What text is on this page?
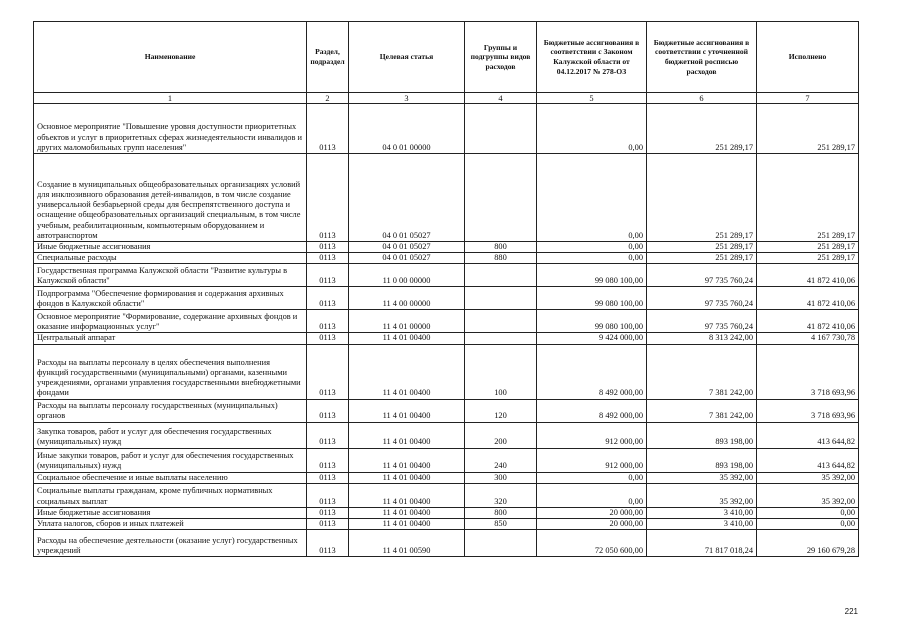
Наименование	Раздел, подраздел	Целевая статья	Группы и подгруппы видов расходов	Бюджетные ассигнования в соответствии с Законом Калужской области от 04.12.2017 № 278-ОЗ	Бюджетные ассигнования в соответствии с уточненной бюджетной росписью расходов	Исполнено
1	2	3	4	5	6	7
Основное мероприятие "Повышение уровня доступности приоритетных объектов и услуг в приоритетных сферах жизнедеятельности инвалидов и других маломобильных групп населения"	0113	04 0 01 00000		0,00	251 289,17	251 289,17
Создание в муниципальных общеобразовательных организациях условий для инклюзивного образования детей-инвалидов, в том числе создание универсальной безбарьерной среды для беспрепятственного доступа и оснащение общеобразовательных организаций специальным, в том числе учебным, реабилитационным, компьютерным оборудованием и автотранспортом	0113	04 0 01 05027		0,00	251 289,17	251 289,17
Иные бюджетные ассигнования	0113	04 0 01 05027	800	0,00	251 289,17	251 289,17
Специальные расходы	0113	04 0 01 05027	880	0,00	251 289,17	251 289,17
Государственная программа Калужской области "Развитие культуры в Калужской области"	0113	11 0 00 00000		99 080 100,00	97 735 760,24	41 872 410,06
Подпрограмма "Обеспечение формирования и содержания архивных фондов в Калужской области"	0113	11 4 00 00000		99 080 100,00	97 735 760,24	41 872 410,06
Основное мероприятие "Формирование, содержание архивных фондов и оказание информационных услуг"	0113	11 4 01 00000		99 080 100,00	97 735 760,24	41 872 410,06
Центральный аппарат	0113	11 4 01 00400		9 424 000,00	8 313 242,00	4 167 730,78
Расходы на выплаты персоналу в целях обеспечения выполнения функций государственными (муниципальными) органами, казенными учреждениями, органами управления государственными внебюджетными фондами	0113	11 4 01 00400	100	8 492 000,00	7 381 242,00	3 718 693,96
Расходы на выплаты персоналу государственных (муниципальных) органов	0113	11 4 01 00400	120	8 492 000,00	7 381 242,00	3 718 693,96
Закупка товаров, работ и услуг для обеспечения государственных (муниципальных) нужд	0113	11 4 01 00400	200	912 000,00	893 198,00	413 644,82
Иные закупки товаров, работ и услуг для обеспечения государственных (муниципальных) нужд	0113	11 4 01 00400	240	912 000,00	893 198,00	413 644,82
Социальное обеспечение и иные выплаты населению	0113	11 4 01 00400	300	0,00	35 392,00	35 392,00
Социальные выплаты гражданам, кроме публичных нормативных социальных выплат	0113	11 4 01 00400	320	0,00	35 392,00	35 392,00
Иные бюджетные ассигнования	0113	11 4 01 00400	800	20 000,00	3 410,00	0,00
Уплата налогов, сборов и иных платежей	0113	11 4 01 00400	850	20 000,00	3 410,00	0,00
Расходы на обеспечение деятельности (оказание услуг) государственных учреждений	0113	11 4 01 00590		72 050 600,00	71 817 018,24	29 160 679,28
221
